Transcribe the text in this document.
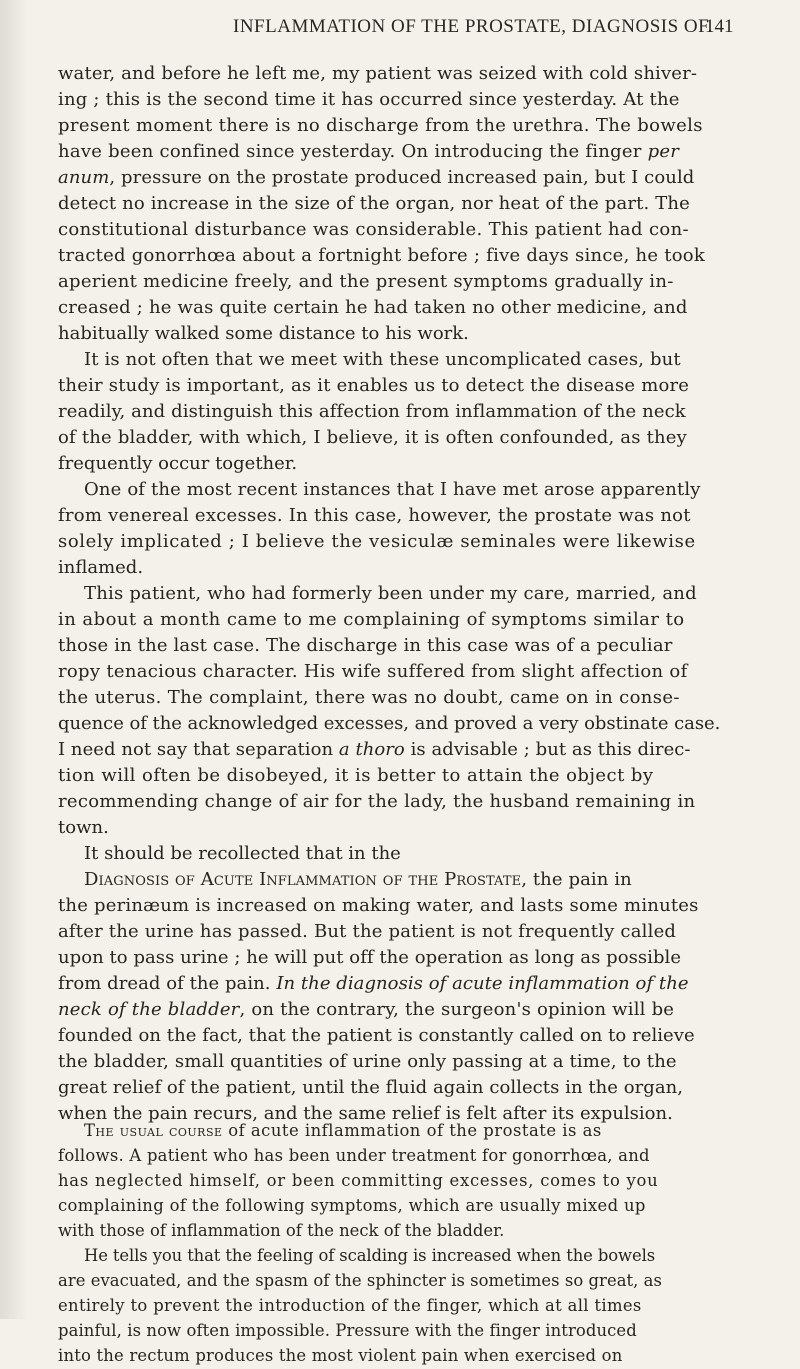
INFLAMMATION OF THE PROSTATE, DIAGNOSIS OF.
141
water, and before he left me, my patient was seized with cold shiver-
ing ; this is the second time it has occurred since yesterday. At the
present moment there is no discharge from the urethra. The bowels
have been confined since yesterday. On introducing the finger per
anum, pressure on the prostate produced increased pain, but I could
detect no increase in the size of the organ, nor heat of the part. The
constitutional disturbance was considerable. This patient had con-
tracted gonorrhœa about a fortnight before ; five days since, he took
aperient medicine freely, and the present symptoms gradually in-
creased ; he was quite certain he had taken no other medicine, and
habitually walked some distance to his work.
It is not often that we meet with these uncomplicated cases, but
their study is important, as it enables us to detect the disease more
readily, and distinguish this affection from inflammation of the neck
of the bladder, with which, I believe, it is often confounded, as they
frequently occur together.
One of the most recent instances that I have met arose apparently
from venereal excesses. In this case, however, the prostate was not
solely implicated ; I believe the vesiculæ seminales were likewise
inflamed.
This patient, who had formerly been under my care, married, and
in about a month came to me complaining of symptoms similar to
those in the last case. The discharge in this case was of a peculiar
ropy tenacious character. His wife suffered from slight affection of
the uterus. The complaint, there was no doubt, came on in conse-
quence of the acknowledged excesses, and proved a very obstinate case.
I need not say that separation a thoro is advisable ; but as this direc-
tion will often be disobeyed, it is better to attain the object by
recommending change of air for the lady, the husband remaining in
town.
It should be recollected that in the
Diagnosis of Acute Inflammation of the Prostate, the pain in
the perinæum is increased on making water, and lasts some minutes
after the urine has passed. But the patient is not frequently called
upon to pass urine ; he will put off the operation as long as possible
from dread of the pain. In the diagnosis of acute inflammation of the
neck of the bladder, on the contrary, the surgeon's opinion will be
founded on the fact, that the patient is constantly called on to relieve
the bladder, small quantities of urine only passing at a time, to the
great relief of the patient, until the fluid again collects in the organ,
when the pain recurs, and the same relief is felt after its expulsion.
The usual course of acute inflammation of the prostate is as
follows. A patient who has been under treatment for gonorrhœa, and
has neglected himself, or been committing excesses, comes to you
complaining of the following symptoms, which are usually mixed up
with those of inflammation of the neck of the bladder.
He tells you that the feeling of scalding is increased when the bowels
are evacuated, and the spasm of the sphincter is sometimes so great, as
entirely to prevent the introduction of the finger, which at all times
painful, is now often impossible. Pressure with the finger introduced
into the rectum produces the most violent pain when exercised on
